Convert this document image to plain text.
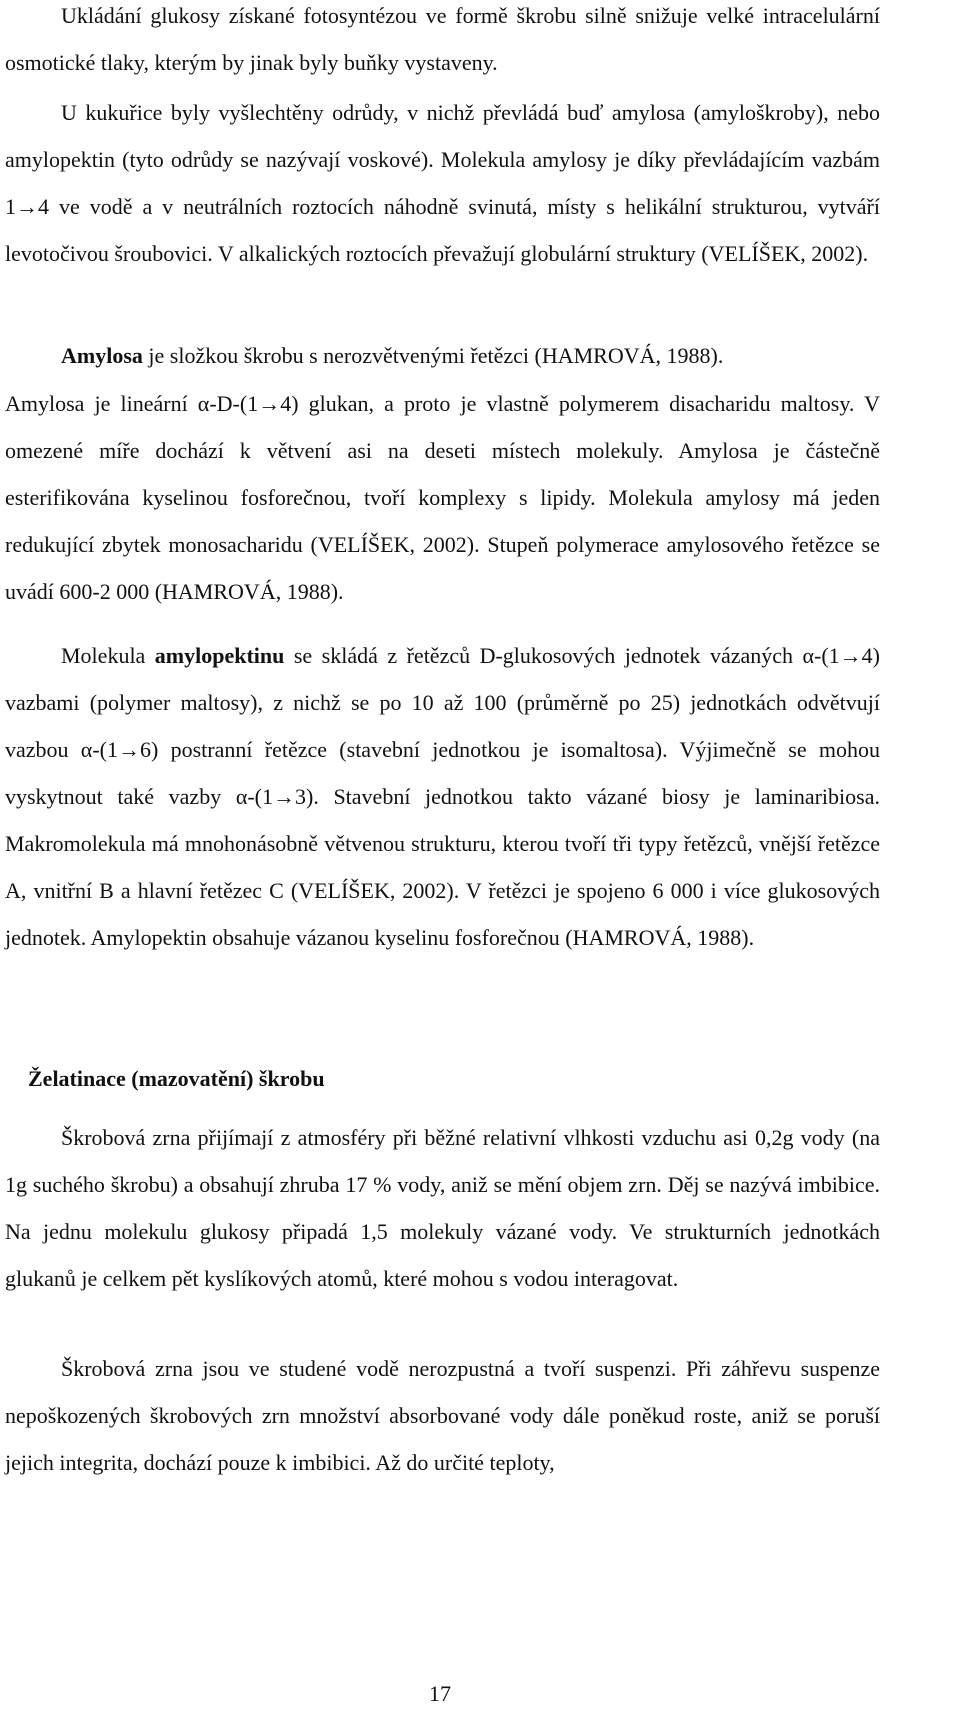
Ukládání glukosy získané fotosyntézou ve formě škrobu silně snižuje velké intracelulární osmotické tlaky, kterým by jinak byly buňky vystaveny.

U kukuřice byly vyšlechtěny odrůdy, v nichž převládá buď amylosa (amyloškroby), nebo amylopektin (tyto odrůdy se nazývají voskové). Molekula amylosy je díky převládajícím vazbám 1→4 ve vodě a v neutrálních roztocích náhodně svinutá, místy s helikální strukturou, vytváří levotočivou šroubovici. V alkalických roztocích převažují globulární struktury (VELÍŠEK, 2002).

Amylosa je složkou škrobu s nerozvětvenými řetězci (HAMROVÁ, 1988).

Amylosa je lineární α-D-(1→4) glukan, a proto je vlastně polymerem disacharidu maltosy. V omezené míře dochází k větvení asi na deseti místech molekuly. Amylosa je částečně esterifikována kyselinou fosforečnou, tvoří komplexy s lipidy. Molekula amylosy má jeden redukující zbytek monosacharidu (VELÍŠEK, 2002). Stupeň polymerace amylosového řetězce se uvádí 600-2 000 (HAMROVÁ, 1988).

Molekula amylopektinu se skládá z řetězců D-glukosových jednotek vázaných α-(1→4) vazbami (polymer maltosy), z nichž se po 10 až 100 (průměrně po 25) jednotkách odvětvují vazbou α-(1→6) postranní řetězce (stavební jednotkou je isomaltosa). Výjimečně se mohou vyskytnout také vazby α-(1→3). Stavební jednotkou takto vázané biosy je laminaribiosa. Makromolekula má mnohonásobně větvenou strukturu, kterou tvoří tři typy řetězců, vnější řetězce A, vnitřní B a hlavní řetězec C (VELÍŠEK, 2002). V řetězci je spojeno 6 000 i více glukosových jednotek. Amylopektin obsahuje vázanou kyselinu fosforečnou (HAMROVÁ, 1988).

Želatinace (mazovatění) škrobu

Škrobová zrna přijímají z atmosféry při běžné relativní vlhkosti vzduchu asi 0,2g vody (na 1g suchého škrobu) a obsahují zhruba 17 % vody, aniž se mění objem zrn. Děj se nazývá imbibice. Na jednu molekulu glukosy připadá 1,5 molekuly vázané vody. Ve strukturních jednotkách glukanů je celkem pět kyslíkových atomů, které mohou s vodou interagovat.

Škrobová zrna jsou ve studené vodě nerozpustná a tvoří suspenzi. Při záhřevu suspenze nepoškozených škrobových zrn množství absorbované vody dále poněkud roste, aniž se poruší jejich integrita, dochází pouze k imbibici. Až do určité teploty,

17
